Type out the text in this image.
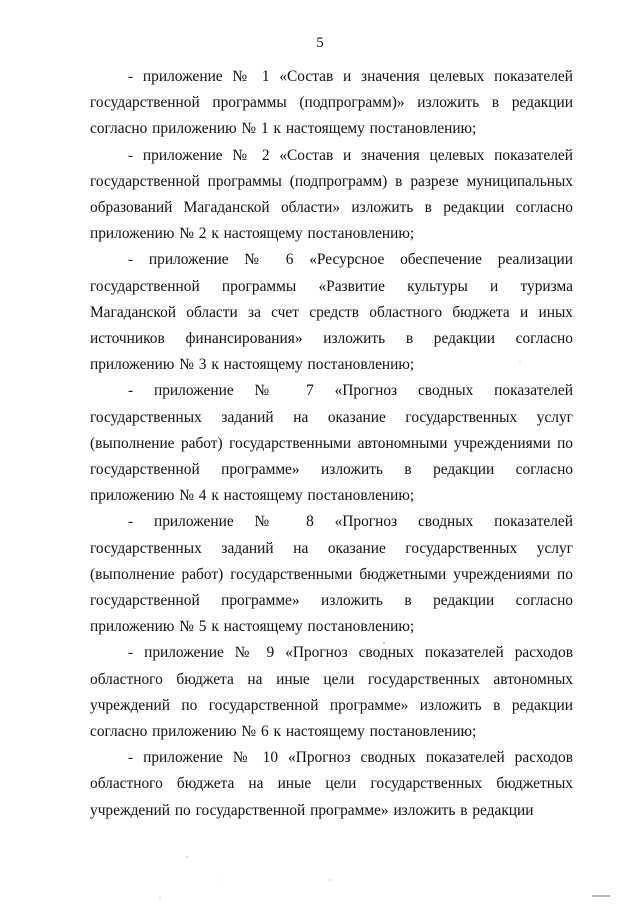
5

- приложение № 1 «Состав и значения целевых показателей государственной программы (подпрограмм)» изложить в редакции согласно приложению № 1 к настоящему постановлению;

- приложение № 2 «Состав и значения целевых показателей государственной программы (подпрограмм) в разрезе муниципальных образований Магаданской области» изложить в редакции согласно приложению № 2 к настоящему постановлению;

- приложение № 6 «Ресурсное обеспечение реализации государственной программы «Развитие культуры и туризма Магаданской области за счет средств областного бюджета и иных источников финансирования» изложить в редакции согласно приложению № 3 к настоящему постановлению;

- приложение № 7 «Прогноз сводных показателей государственных заданий на оказание государственных услуг (выполнение работ) государственными автономными учреждениями по государственной программе» изложить в редакции согласно приложению № 4 к настоящему постановлению;

- приложение № 8 «Прогноз сводных показателей государственных заданий на оказание государственных услуг (выполнение работ) государственными бюджетными учреждениями по государственной программе» изложить в редакции согласно приложению № 5 к настоящему постановлению;

- приложение № 9 «Прогноз сводных показателей расходов областного бюджета на иные цели государственных автономных учреждений по государственной программе» изложить в редакции согласно приложению № 6 к настоящему постановлению;

- приложение № 10 «Прогноз сводных показателей расходов областного бюджета на иные цели государственных бюджетных учреждений по государственной программе» изложить в редакции
